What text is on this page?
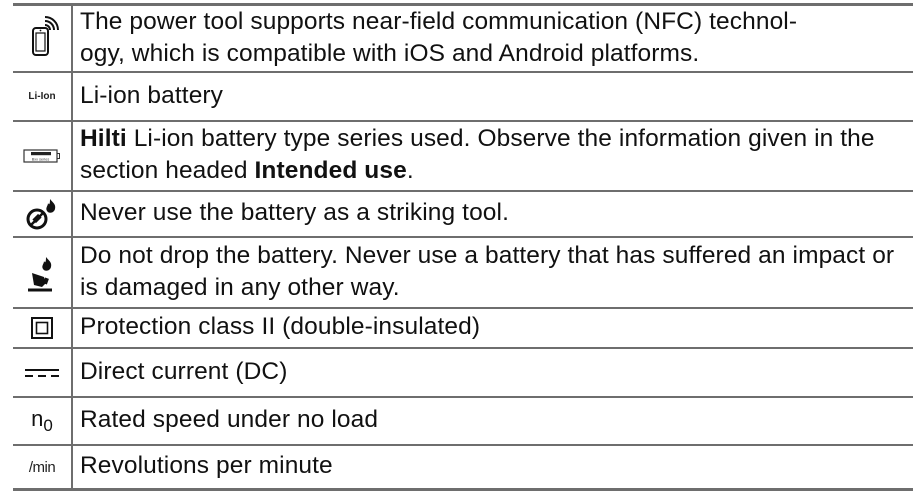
The power tool supports near-field communication (NFC) technol-
ogy, which is compatible with iOS and Android platforms.
Li-Ion Li-ion battery
Bxx series
Hilti Li-ion battery type series used. Observe the information given in the section headed Intended use.
Never use the battery as a striking tool.
Do not drop the battery. Never use a battery that has suffered an impact or is damaged in any other way.
Protection class II (double-insulated)
Direct current (DC)
$n_0$ Rated speed under no load
/min Revolutions per minute
